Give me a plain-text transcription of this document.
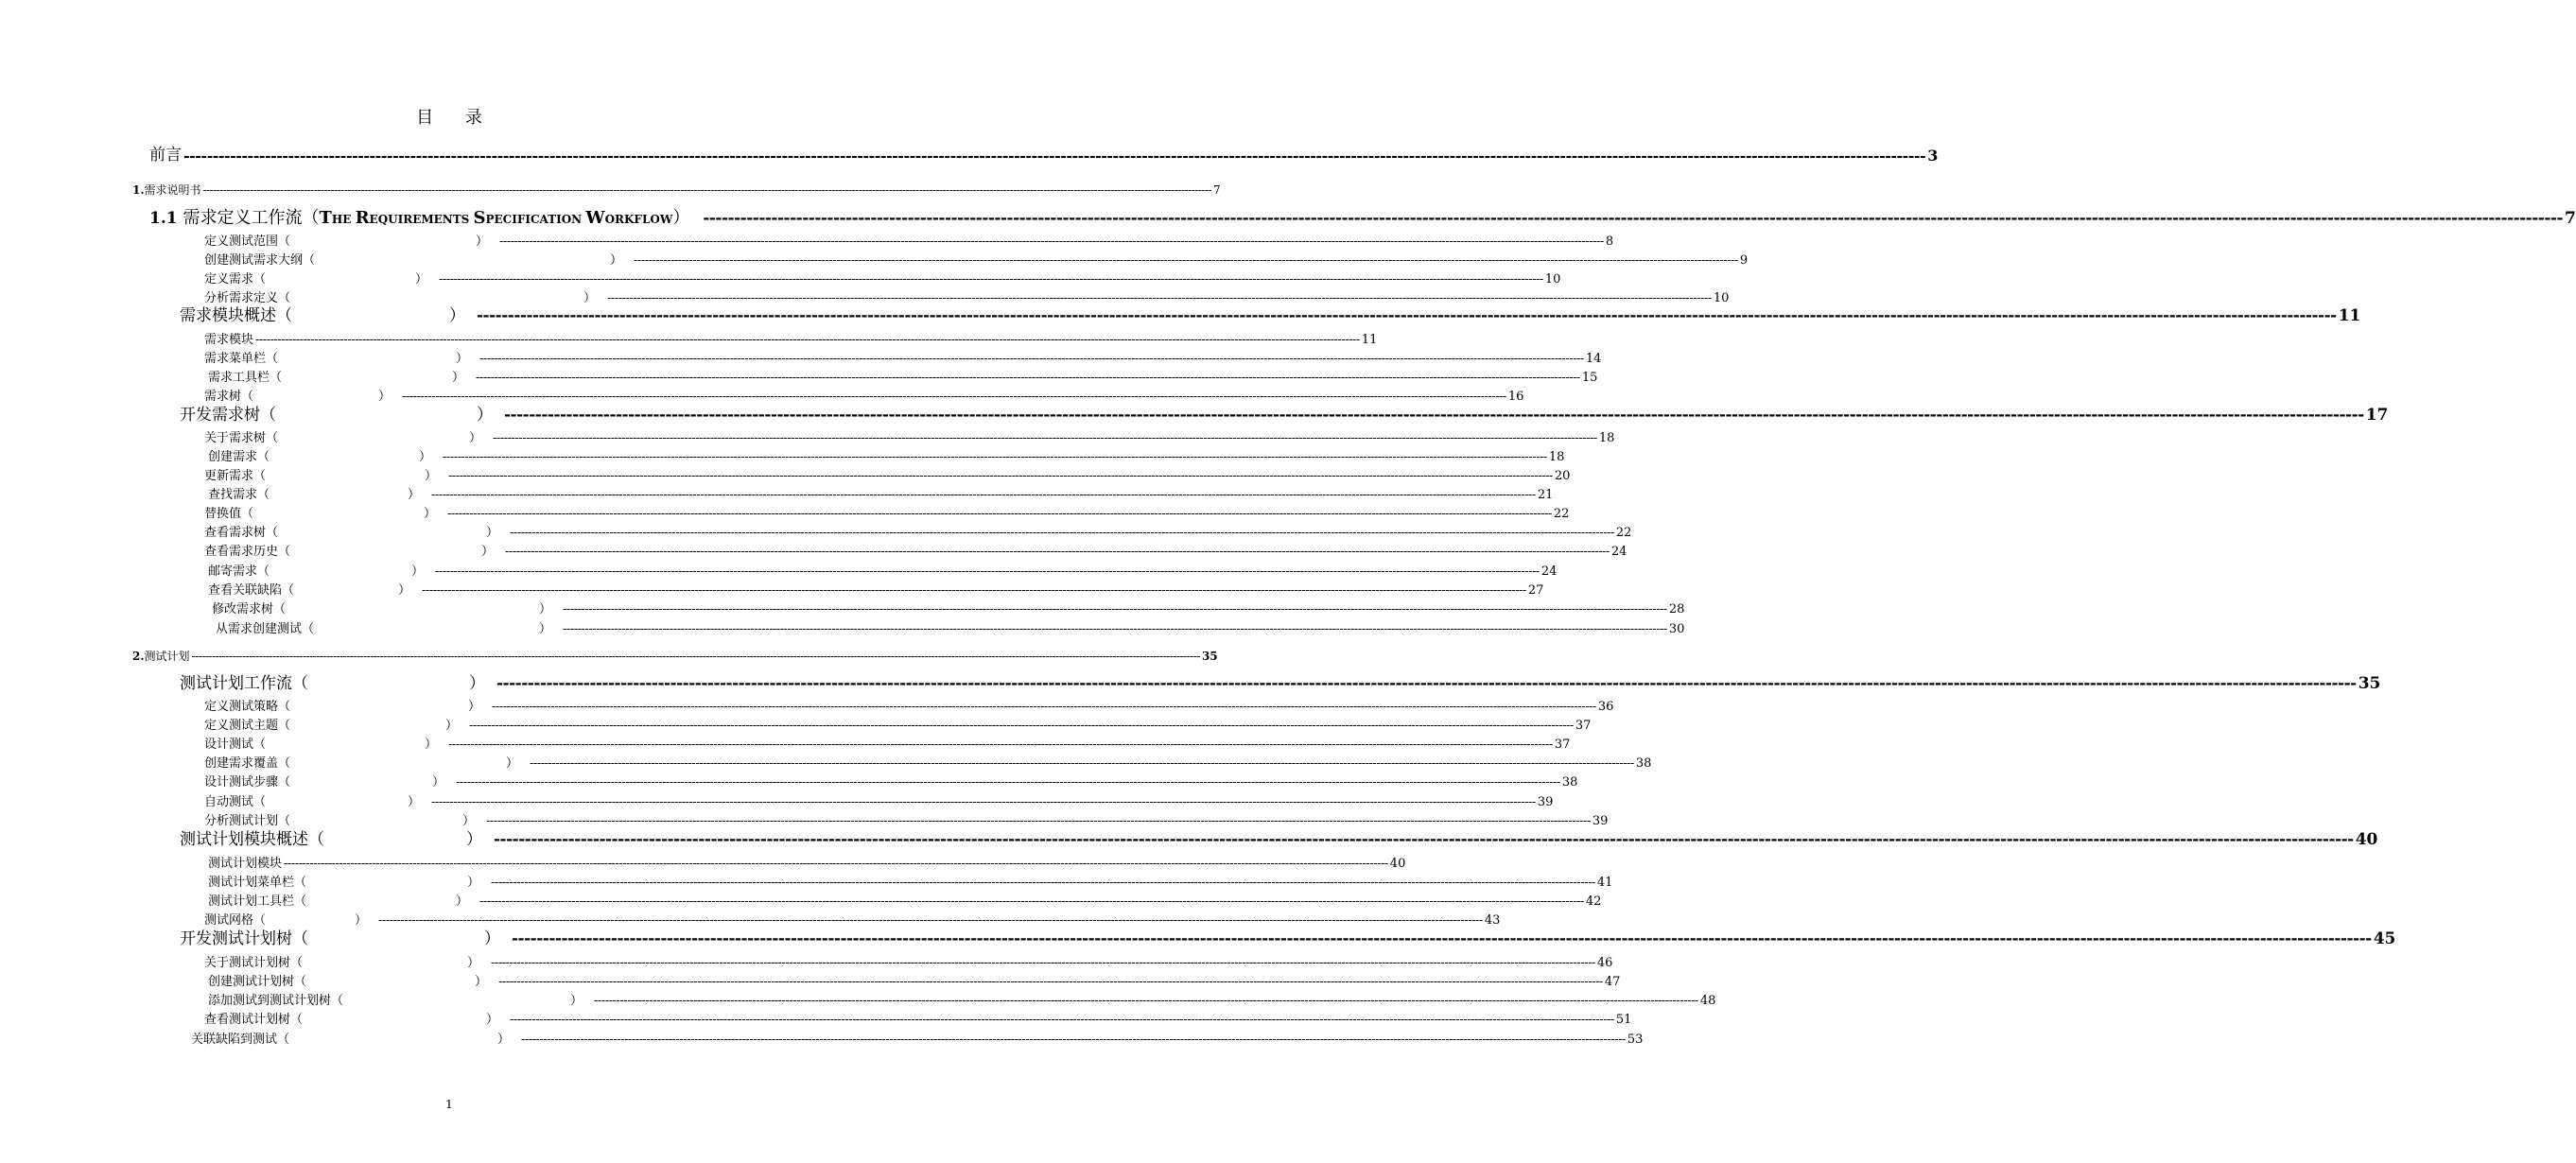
目 录
前言 ------------------------------------------------------------------------------------------------------------------------------------------------------------------------------------------------------------------------------------------------------------------------------------------------------------ 3
1.需求说明书 ------------------------------------------------------------------------------------------------------------------------------------------------------------------------------------------------------------------------------------------------------------------------------------------------------------ 7
1.1 需求定义工作流（THE REQUIREMENTS SPECIFICATION WORKFLOW） ------------------------------------------------------------------------------------------------------------------------------------------------------------------------------------------------------------------------------------------------------------------------------------------------------------ 7
定义测试范围（	） ------------------------------------------------------------------------------------------------------------------------------------------------------------------------------------------------------------------------------------------------------------------------------------------------------------ 8
创建测试需求大纲（	） ------------------------------------------------------------------------------------------------------------------------------------------------------------------------------------------------------------------------------------------------------------------------------------------------------------ 9
定义需求（	） ------------------------------------------------------------------------------------------------------------------------------------------------------------------------------------------------------------------------------------------------------------------------------------------------------------ 10
分析需求定义（	） ------------------------------------------------------------------------------------------------------------------------------------------------------------------------------------------------------------------------------------------------------------------------------------------------------------ 10
需求模块概述（	） ------------------------------------------------------------------------------------------------------------------------------------------------------------------------------------------------------------------------------------------------------------------------------------------------------------ 11
需求模块 ------------------------------------------------------------------------------------------------------------------------------------------------------------------------------------------------------------------------------------------------------------------------------------------------------------ 11
需求菜单栏（	） ------------------------------------------------------------------------------------------------------------------------------------------------------------------------------------------------------------------------------------------------------------------------------------------------------------ 14
需求工具栏（	） ------------------------------------------------------------------------------------------------------------------------------------------------------------------------------------------------------------------------------------------------------------------------------------------------------------ 15
需求树（	） ------------------------------------------------------------------------------------------------------------------------------------------------------------------------------------------------------------------------------------------------------------------------------------------------------------ 16
开发需求树（	） ------------------------------------------------------------------------------------------------------------------------------------------------------------------------------------------------------------------------------------------------------------------------------------------------------------ 17
关于需求树（	） ------------------------------------------------------------------------------------------------------------------------------------------------------------------------------------------------------------------------------------------------------------------------------------------------------------ 18
创建需求（	） ------------------------------------------------------------------------------------------------------------------------------------------------------------------------------------------------------------------------------------------------------------------------------------------------------------ 18
更新需求（	） ------------------------------------------------------------------------------------------------------------------------------------------------------------------------------------------------------------------------------------------------------------------------------------------------------------ 20
查找需求（	） ------------------------------------------------------------------------------------------------------------------------------------------------------------------------------------------------------------------------------------------------------------------------------------------------------------ 21
替换值（	） ------------------------------------------------------------------------------------------------------------------------------------------------------------------------------------------------------------------------------------------------------------------------------------------------------------ 22
查看需求树（	） ------------------------------------------------------------------------------------------------------------------------------------------------------------------------------------------------------------------------------------------------------------------------------------------------------------ 22
查看需求历史（	） ------------------------------------------------------------------------------------------------------------------------------------------------------------------------------------------------------------------------------------------------------------------------------------------------------------ 24
邮寄需求（	） ------------------------------------------------------------------------------------------------------------------------------------------------------------------------------------------------------------------------------------------------------------------------------------------------------------ 24
查看关联缺陷（	） ------------------------------------------------------------------------------------------------------------------------------------------------------------------------------------------------------------------------------------------------------------------------------------------------------------ 27
修改需求树（	） ------------------------------------------------------------------------------------------------------------------------------------------------------------------------------------------------------------------------------------------------------------------------------------------------------------ 28
从需求创建测试（	） ------------------------------------------------------------------------------------------------------------------------------------------------------------------------------------------------------------------------------------------------------------------------------------------------------------ 30
2.测试计划 ------------------------------------------------------------------------------------------------------------------------------------------------------------------------------------------------------------------------------------------------------------------------------------------------------------ 35
测试计划工作流（	） ------------------------------------------------------------------------------------------------------------------------------------------------------------------------------------------------------------------------------------------------------------------------------------------------------------ 35
定义测试策略（	） ------------------------------------------------------------------------------------------------------------------------------------------------------------------------------------------------------------------------------------------------------------------------------------------------------------ 36
定义测试主题（	） ------------------------------------------------------------------------------------------------------------------------------------------------------------------------------------------------------------------------------------------------------------------------------------------------------------ 37
设计测试（	） ------------------------------------------------------------------------------------------------------------------------------------------------------------------------------------------------------------------------------------------------------------------------------------------------------------ 37
创建需求覆盖（	） ------------------------------------------------------------------------------------------------------------------------------------------------------------------------------------------------------------------------------------------------------------------------------------------------------------ 38
设计测试步骤（	） ------------------------------------------------------------------------------------------------------------------------------------------------------------------------------------------------------------------------------------------------------------------------------------------------------------ 38
自动测试（	） ------------------------------------------------------------------------------------------------------------------------------------------------------------------------------------------------------------------------------------------------------------------------------------------------------------ 39
分析测试计划（	） ------------------------------------------------------------------------------------------------------------------------------------------------------------------------------------------------------------------------------------------------------------------------------------------------------------ 39
测试计划模块概述（	） ------------------------------------------------------------------------------------------------------------------------------------------------------------------------------------------------------------------------------------------------------------------------------------------------------------ 40
测试计划模块 ------------------------------------------------------------------------------------------------------------------------------------------------------------------------------------------------------------------------------------------------------------------------------------------------------------ 40
测试计划菜单栏（	） ------------------------------------------------------------------------------------------------------------------------------------------------------------------------------------------------------------------------------------------------------------------------------------------------------------ 41
测试计划工具栏（	） ------------------------------------------------------------------------------------------------------------------------------------------------------------------------------------------------------------------------------------------------------------------------------------------------------------ 42
测试网格（	） ------------------------------------------------------------------------------------------------------------------------------------------------------------------------------------------------------------------------------------------------------------------------------------------------------------ 43
开发测试计划树（	） ------------------------------------------------------------------------------------------------------------------------------------------------------------------------------------------------------------------------------------------------------------------------------------------------------------ 45
关于测试计划树（	） ------------------------------------------------------------------------------------------------------------------------------------------------------------------------------------------------------------------------------------------------------------------------------------------------------------ 46
创建测试计划树（	） ------------------------------------------------------------------------------------------------------------------------------------------------------------------------------------------------------------------------------------------------------------------------------------------------------------ 47
添加测试到测试计划树（	） ------------------------------------------------------------------------------------------------------------------------------------------------------------------------------------------------------------------------------------------------------------------------------------------------------------ 48
查看测试计划树（	） ------------------------------------------------------------------------------------------------------------------------------------------------------------------------------------------------------------------------------------------------------------------------------------------------------------ 51
关联缺陷到测试（	） ------------------------------------------------------------------------------------------------------------------------------------------------------------------------------------------------------------------------------------------------------------------------------------------------------------ 53
1
